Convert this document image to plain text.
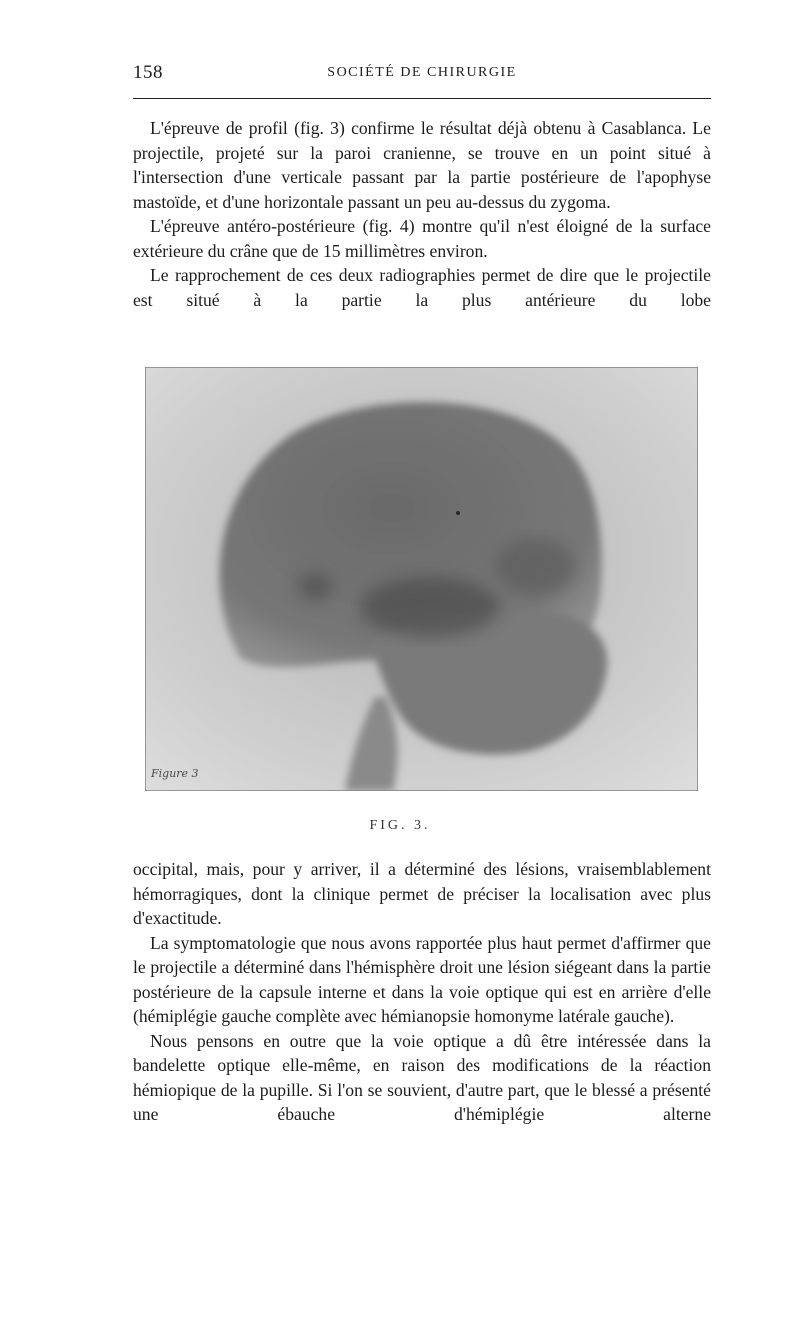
158	SOCIÉTÉ DE CHIRURGIE

L'épreuve de profil (fig. 3) confirme le résultat déjà obtenu à Casablanca. Le projectile, projeté sur la paroi cranienne, se trouve en un point situé à l'intersection d'une verticale passant par la partie postérieure de l'apophyse mastoïde, et d'une horizontale passant un peu au-dessus du zygoma.

L'épreuve antéro-postérieure (fig. 4) montre qu'il n'est éloigné de la surface extérieure du crâne que de 15 millimètres environ.

Le rapprochement de ces deux radiographies permet de dire que le projectile est situé à la partie la plus antérieure du lobe

Figure 3
FIG. 3.

occipital, mais, pour y arriver, il a déterminé des lésions, vraisemblablement hémorragiques, dont la clinique permet de préciser la localisation avec plus d'exactitude.

La symptomatologie que nous avons rapportée plus haut permet d'affirmer que le projectile a déterminé dans l'hémisphère droit une lésion siégeant dans la partie postérieure de la capsule interne et dans la voie optique qui est en arrière d'elle (hémiplégie gauche complète avec hémianopsie homonyme latérale gauche).

Nous pensons en outre que la voie optique a dû être intéressée dans la bandelette optique elle-même, en raison des modifications de la réaction hémiopique de la pupille. Si l'on se souvient, d'autre part, que le blessé a présenté une ébauche d'hémiplégie alterne
